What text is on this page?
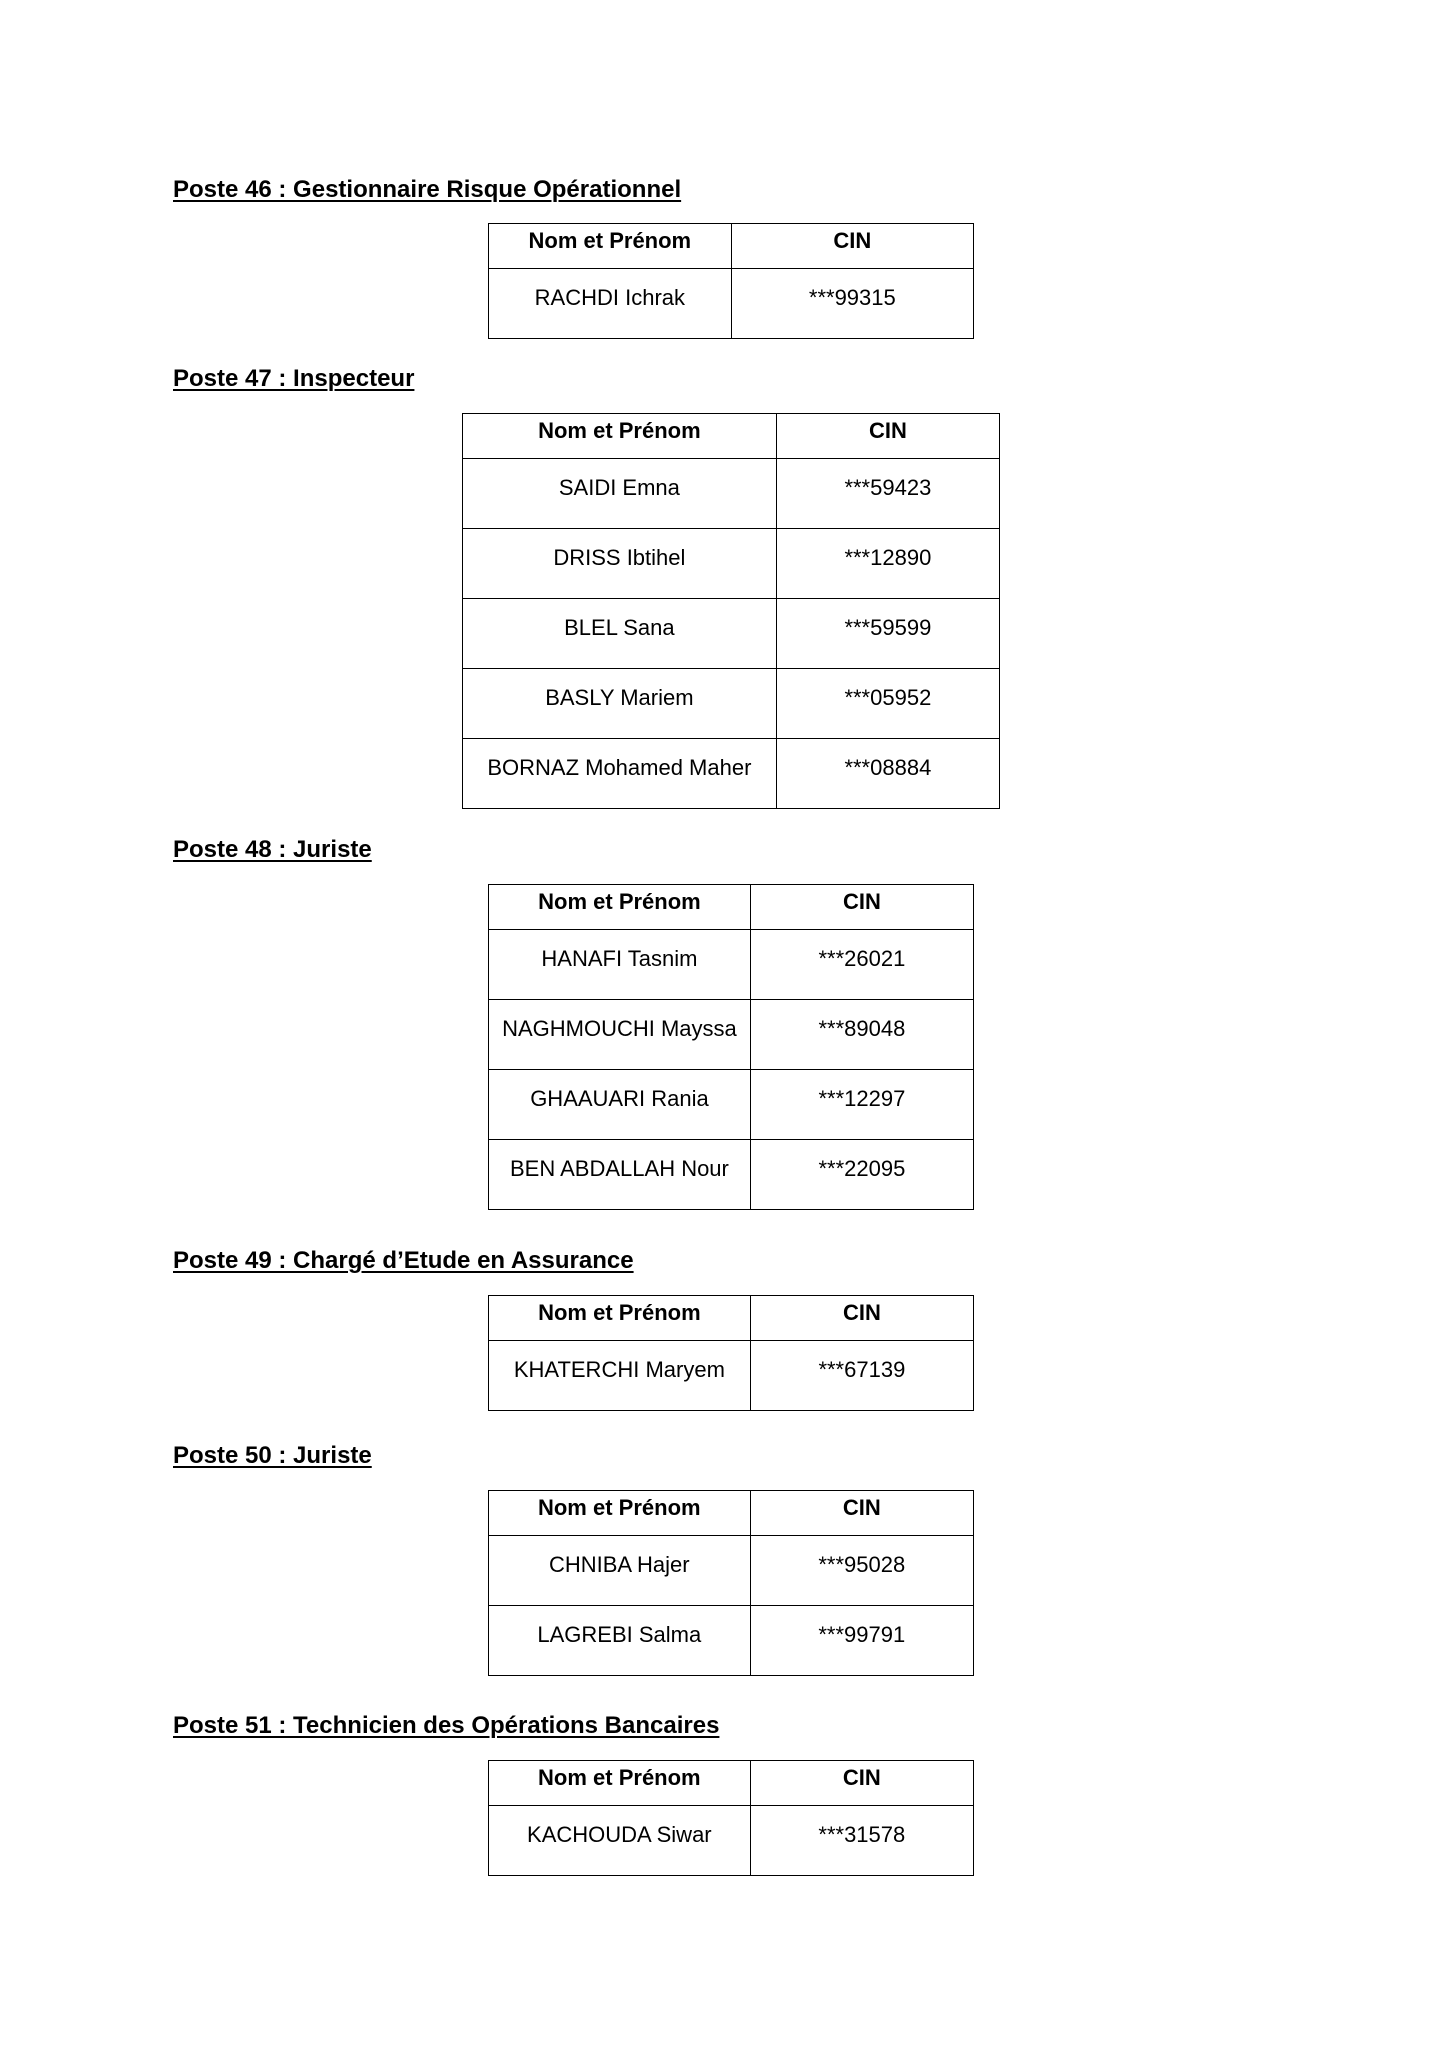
Poste 46 : Gestionnaire Risque Opérationnel
Nom et Prénom	CIN
RACHDI Ichrak	***99315
Poste 47 : Inspecteur
Nom et Prénom	CIN
SAIDI Emna	***59423
DRISS Ibtihel	***12890
BLEL Sana	***59599
BASLY Mariem	***05952
BORNAZ Mohamed Maher	***08884
Poste 48 : Juriste
Nom et Prénom	CIN
HANAFI Tasnim	***26021
NAGHMOUCHI Mayssa	***89048
GHAAUARI Rania	***12297
BEN ABDALLAH Nour	***22095
Poste 49 : Chargé d’Etude en Assurance
Nom et Prénom	CIN
KHATERCHI Maryem	***67139
Poste 50 : Juriste
Nom et Prénom	CIN
CHNIBA Hajer	***95028
LAGREBI Salma	***99791
Poste 51 : Technicien des Opérations Bancaires
Nom et Prénom	CIN
KACHOUDA Siwar	***31578
